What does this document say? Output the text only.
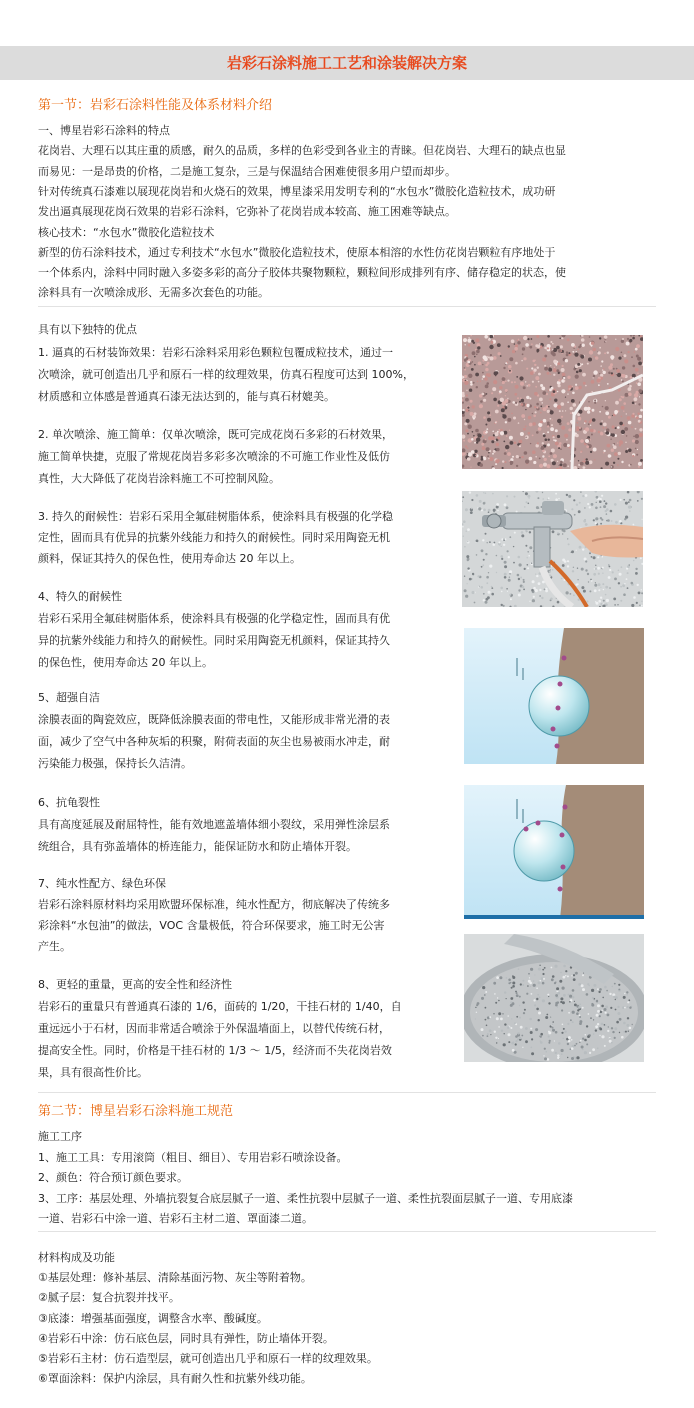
岩彩石涂料施工工艺和涂装解决方案
第一节：岩彩石涂料性能及体系材料介绍
一、博星岩彩石涂料的特点
花岗岩、大理石以其庄重的质感，耐久的品质，多样的色彩受到各业主的青睐。但花岗岩、大理石的缺点也显
而易见：一是昂贵的价格，二是施工复杂，三是与保温结合困难使很多用户望而却步。
针对传统真石漆难以展现花岗岩和火烧石的效果，博星漆采用发明专利的“水包水”微胶化造粒技术，成功研
发出逼真展现花岗石效果的岩彩石涂料，它弥补了花岗岩成本较高、施工困难等缺点。
核心技术：“水包水”微胶化造粒技术
新型的仿石涂料技术，通过专利技术“水包水”微胶化造粒技术，使原本相溶的水性仿花岗岩颗粒有序地处于
一个体系内，涂料中同时融入多姿多彩的高分子胶体共聚物颗粒，颗粒间形成排列有序、储存稳定的状态，使
涂料具有一次喷涂成形、无需多次套色的功能。
具有以下独特的优点
1. 逼真的石材装饰效果：岩彩石涂料采用彩色颗粒包覆成粒技术，通过一
次喷涂，就可创造出几乎和原石一样的纹理效果，仿真石程度可达到 100%，
材质感和立体感是普通真石漆无法达到的，能与真石材媲美。
2. 单次喷涂、施工简单：仅单次喷涂，既可完成花岗石多彩的石材效果，
施工简单快捷，克服了常规花岗岩多彩多次喷涂的不可施工作业性及低仿
真性，大大降低了花岗岩涂料施工不可控制风险。
3. 持久的耐候性：岩彩石采用全氟硅树脂体系，使涂料具有极强的化学稳
定性，固而具有优异的抗紫外线能力和持久的耐候性。同时采用陶瓷无机
颜料，保证其持久的保色性，使用寿命达 20 年以上。
4、特久的耐候性
岩彩石采用全氟硅树脂体系，使涂料具有极强的化学稳定性，固而具有优
异的抗紫外线能力和持久的耐候性。同时采用陶瓷无机颜料，保证其持久
的保色性，使用寿命达 20 年以上。
5、超强自洁
涂膜表面的陶瓷效应，既降低涂膜表面的带电性，又能形成非常光滑的表
面，减少了空气中各种灰垢的积聚，附荷表面的灰尘也易被雨水冲走，耐
污染能力极强，保持长久洁清。
6、抗龟裂性
具有高度延展及耐屈特性，能有效地遮盖墙体细小裂纹，采用弹性涂层系
统组合，具有弥盖墙体的桥连能力，能保证防水和防止墙体开裂。
7、纯水性配方、绿色环保
岩彩石涂料原材料均采用欧盟环保标准，纯水性配方，彻底解决了传统多
彩涂料“水包油”的做法，VOC 含量极低，符合环保要求，施工时无公害
产生。
8、更轻的重量，更高的安全性和经济性
岩彩石的重量只有普通真石漆的 1/6，面砖的 1/20，干挂石材的 1/40，自
重远远小于石材，因而非常适合喷涂于外保温墙面上，以替代传统石材，
提高安全性。同时，价格是干挂石材的 1/3 ～ 1/5，经济而不失花岗岩效
果，具有很高性价比。
第二节：博星岩彩石涂料施工规范
施工工序
1、施工工具：专用滚筒（粗目、细目）、专用岩彩石喷涂设备。
2、颜色：符合预订颜色要求。
3、工序：基层处理、外墙抗裂复合底层腻子一道、柔性抗裂中层腻子一道、柔性抗裂面层腻子一道、专用底漆
一道、岩彩石中涂一道、岩彩石主材二道、罩面漆二道。
材料构成及功能
①基层处理：修补基层、清除基面污物、灰尘等附着物。
②腻子层：复合抗裂并找平。
③底漆：增强基面强度，调整含水率、酸碱度。
④岩彩石中涂：仿石底色层，同时具有弹性，防止墙体开裂。
⑤岩彩石主材：仿石造型层，就可创造出几乎和原石一样的纹理效果。
⑥罩面涂料：保护内涂层，具有耐久性和抗紫外线功能。
